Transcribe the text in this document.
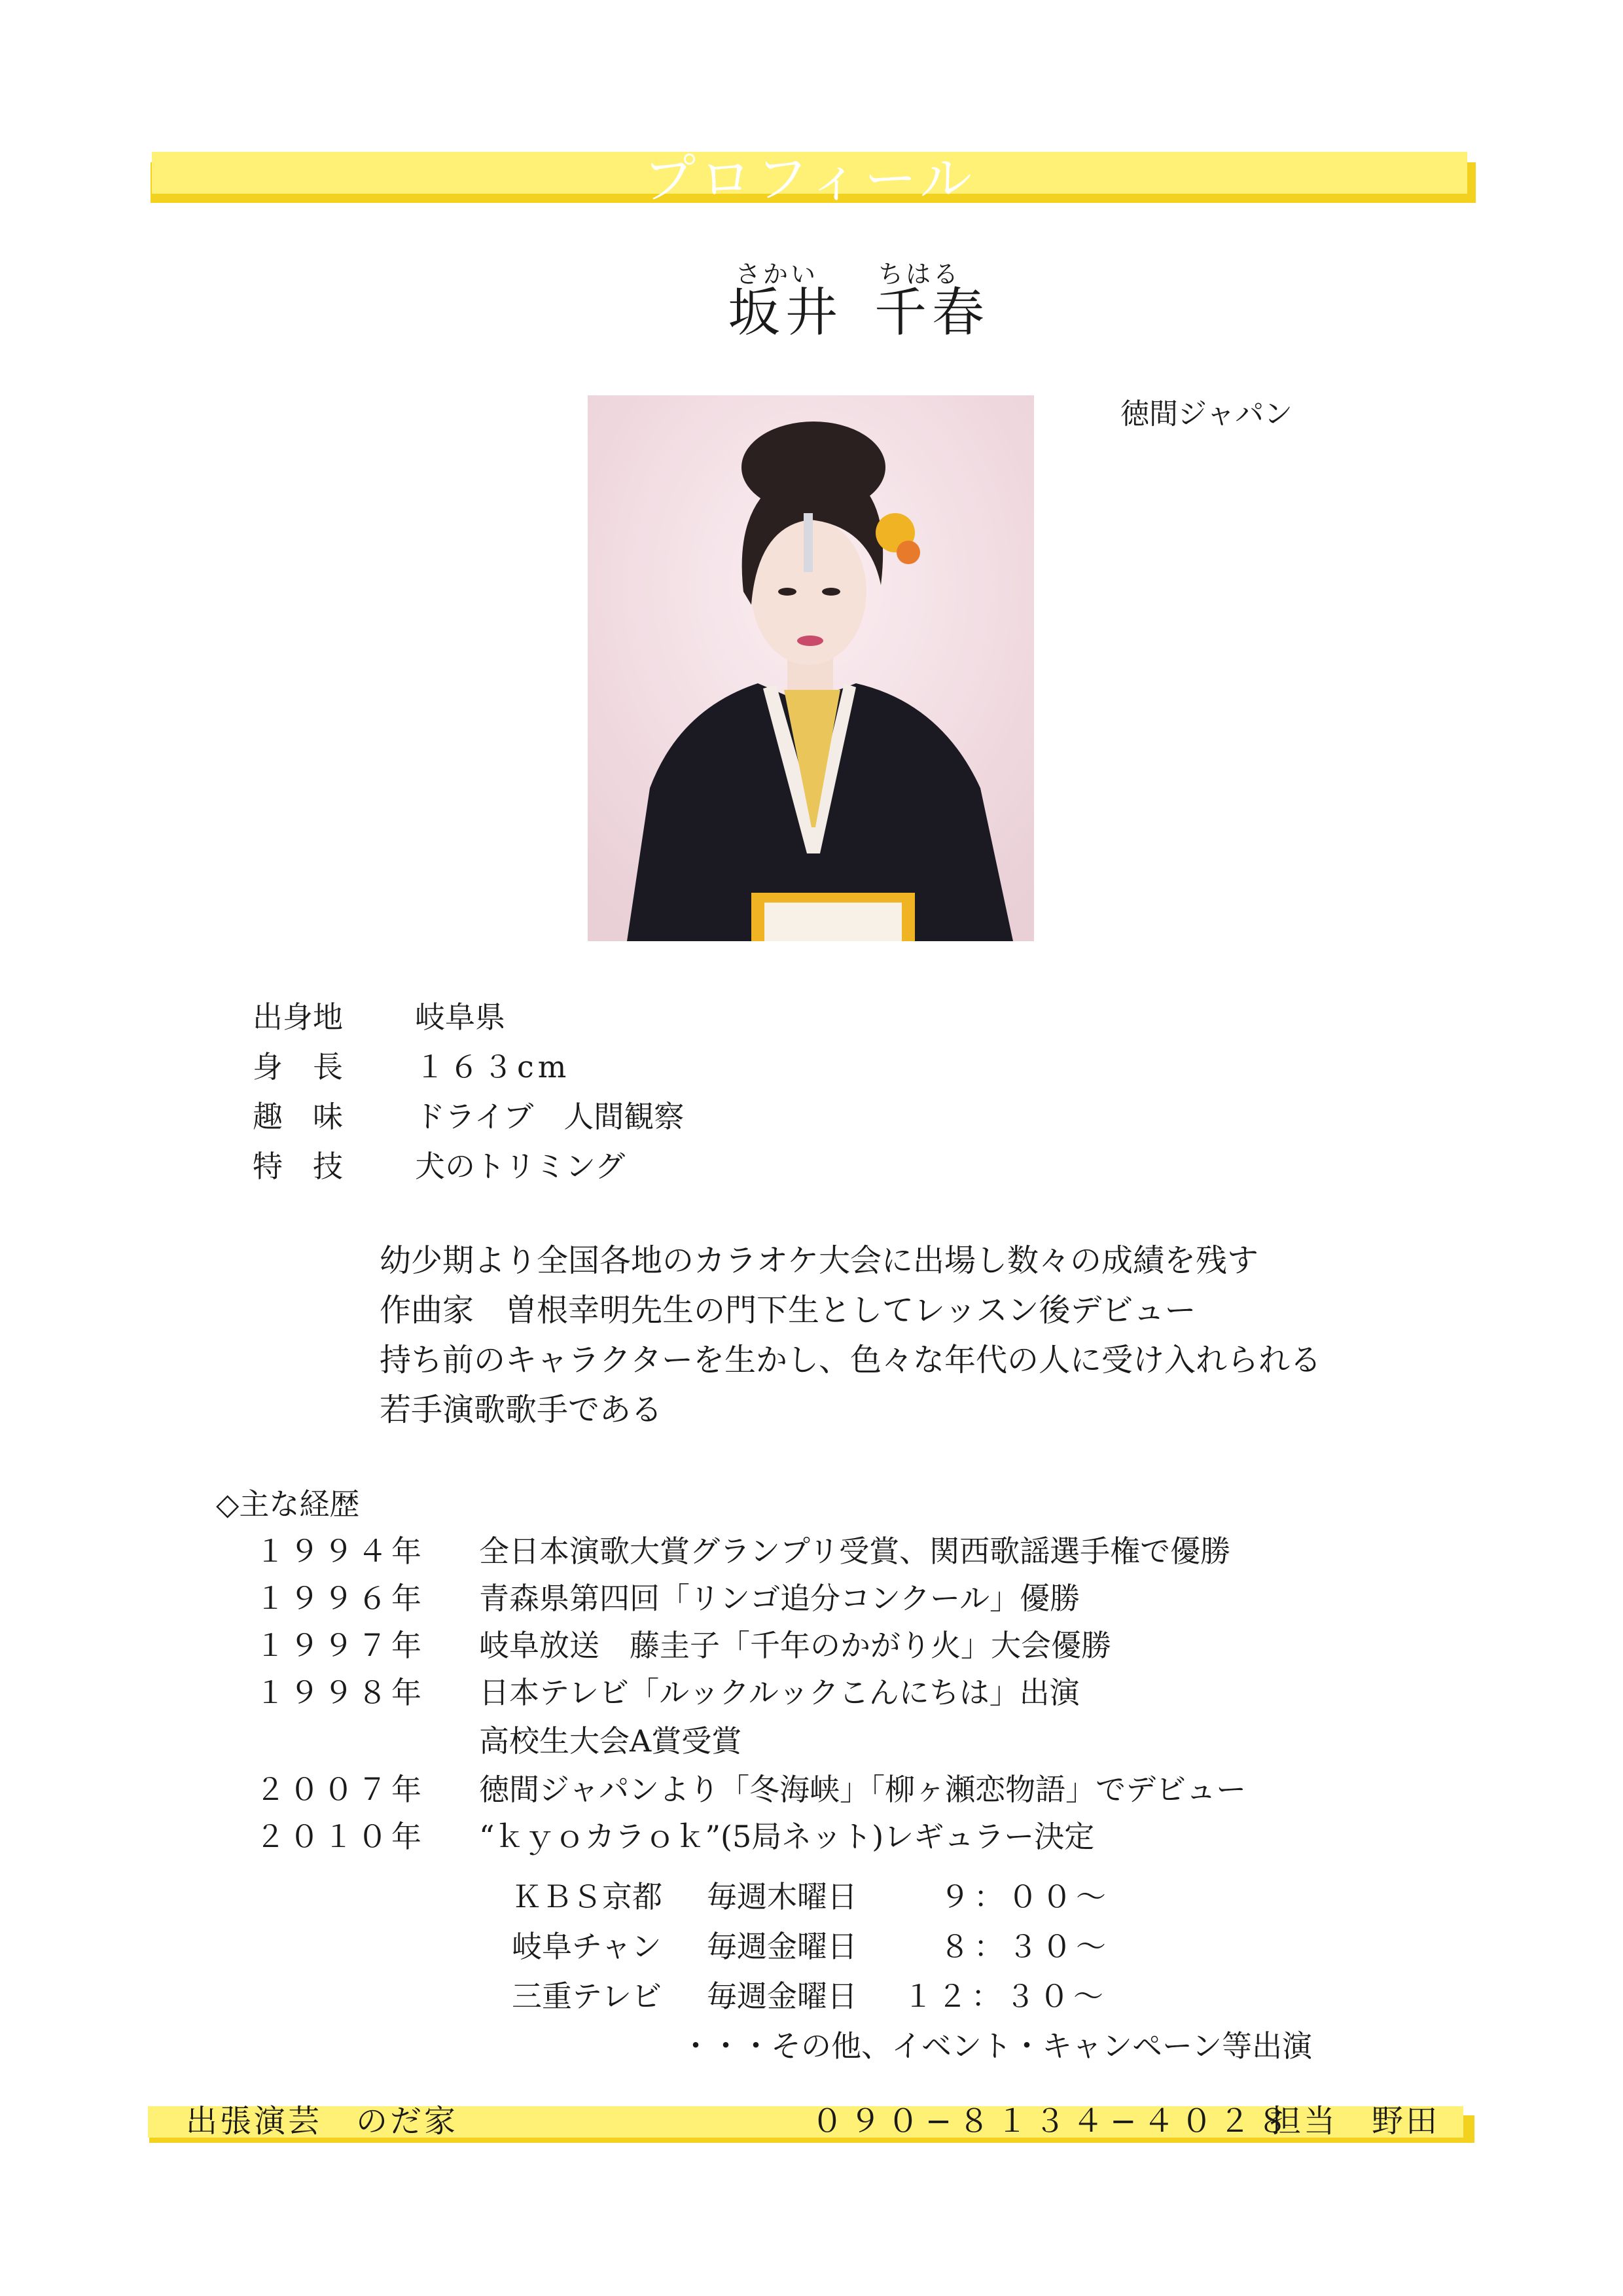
プロフィール
さかい ちはる
坂井 千春
徳間ジャパン
出身地 岐阜県
身　長 １６３cm
趣　味 ドライブ　人間観察
特　技 犬のトリミング
幼少期より全国各地のカラオケ大会に出場し数々の成績を残す
作曲家　曽根幸明先生の門下生としてレッスン後デビュー
持ち前のキャラクターを生かし、色々な年代の人に受け入れられる
若手演歌歌手である
◇主な経歴
１９９４年 全日本演歌大賞グランプリ受賞、関西歌謡選手権で優勝
１９９６年 青森県第四回「リンゴ追分コンクール」優勝
１９９７年 岐阜放送　藤圭子「千年のかがり火」大会優勝
１９９８年 日本テレビ「ルックルックこんにちは」出演
高校生大会A賞受賞
２００７年 徳間ジャパンより「冬海峡」「柳ヶ瀬恋物語」でデビュー
２０１０年 “ｋｙｏカラｏｋ”(5局ネット)レギュラー決定
ＫＢＳ京都 毎週木曜日	９：００〜
岐阜チャン 毎週金曜日	８：３０〜
三重テレビ 毎週金曜日 １２：３０〜
・・・その他、イベント・キャンペーン等出演
出張演芸　のだ家	０９０−８１３４−４０２８
担当　野田
